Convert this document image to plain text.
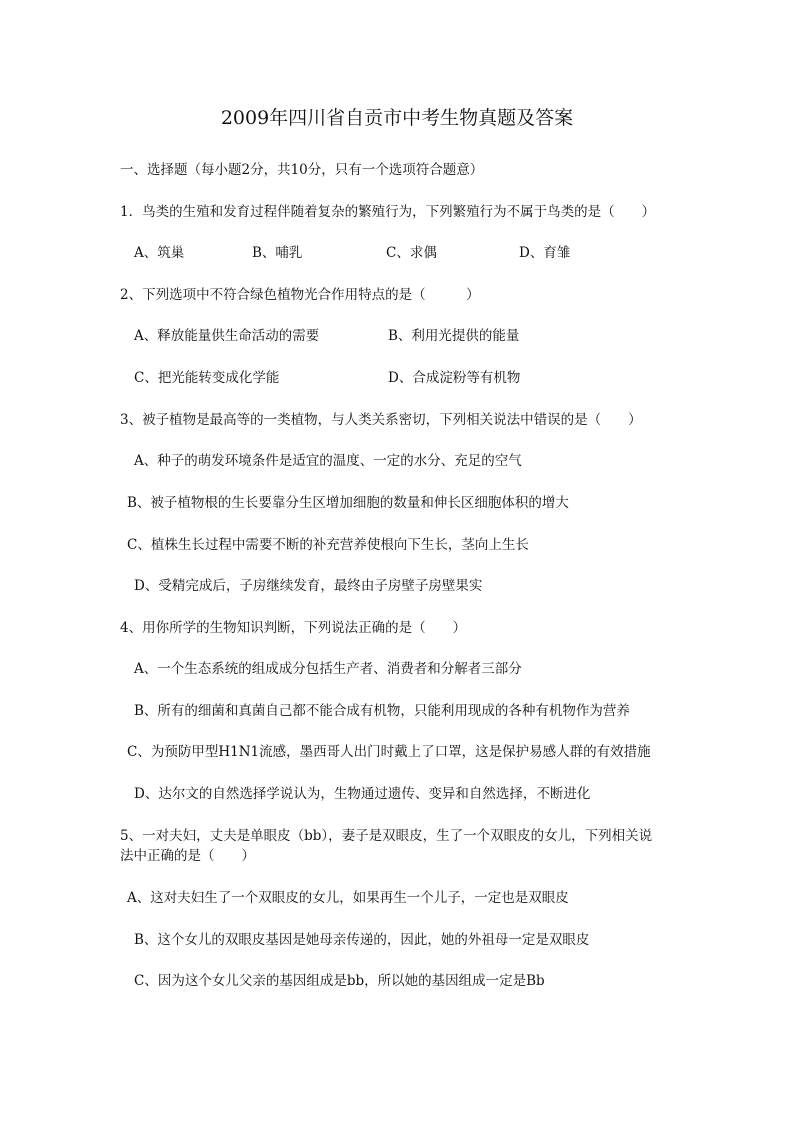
2009年四川省自贡市中考生物真题及答案
一、选择题（每小题2分，共10分，只有一个选项符合题意）
1．鸟类的生殖和发育过程伴随着复杂的繁殖行为，下列繁殖行为不属于鸟类的是（　　）
A、筑巢	B、哺乳	C、求偶	D、育雏
2、下列选项中不符合绿色植物光合作用特点的是（　　　）
A、释放能量供生命活动的需要	B、利用光提供的能量
C、把光能转变成化学能	D、合成淀粉等有机物
3、被子植物是最高等的一类植物，与人类关系密切，下列相关说法中错误的是（　　）
A、种子的萌发环境条件是适宜的温度、一定的水分、充足的空气
B、被子植物根的生长要靠分生区增加细胞的数量和伸长区细胞体积的增大
C、植株生长过程中需要不断的补充营养使根向下生长，茎向上生长
D、受精完成后，子房继续发育，最终由子房壁子房壁果实
4、用你所学的生物知识判断，下列说法正确的是（　　）
A、一个生态系统的组成成分包括生产者、消费者和分解者三部分
B、所有的细菌和真菌自己都不能合成有机物，只能利用现成的各种有机物作为营养
C、为预防甲型H1N1流感，墨西哥人出门时戴上了口罩，这是保护易感人群的有效措施
D、达尔文的自然选择学说认为，生物通过遗传、变异和自然选择，不断进化
5、一对夫妇，丈夫是单眼皮（bb），妻子是双眼皮，生了一个双眼皮的女儿，下列相关说
法中正确的是（　　）
A、这对夫妇生了一个双眼皮的女儿，如果再生一个儿子，一定也是双眼皮
B、这个女儿的双眼皮基因是她母亲传递的，因此，她的外祖母一定是双眼皮
C、因为这个女儿父亲的基因组成是bb，所以她的基因组成一定是Bb
